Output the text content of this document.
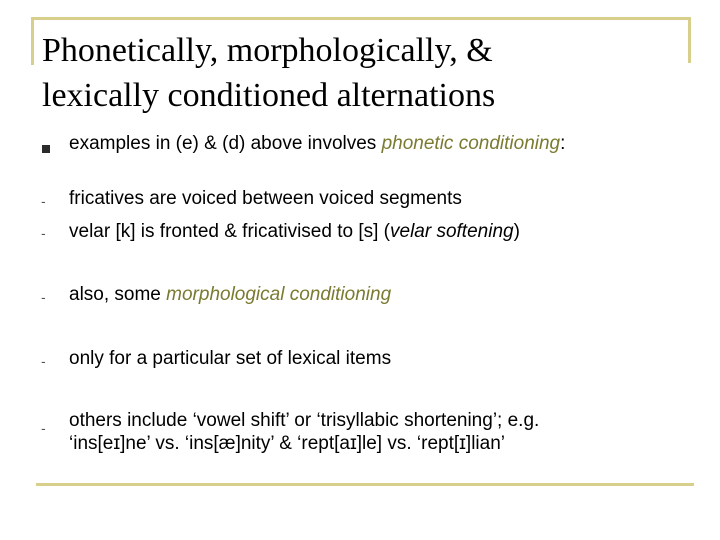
Phonetically, morphologically, &
lexically conditioned alternations
examples in (e) & (d) above involves phonetic conditioning:
- fricatives are voiced between voiced segments
- velar [k] is fronted & fricativised to [s] (velar softening)
- also, some morphological conditioning
- only for a particular set of lexical items
- others include ‘vowel shift’ or ‘trisyllabic shortening’; e.g.
‘ins[eɪ]ne’ vs. ‘ins[æ]nity’ & ‘rept[aɪ]le] vs. ‘rept[ɪ]lian’
